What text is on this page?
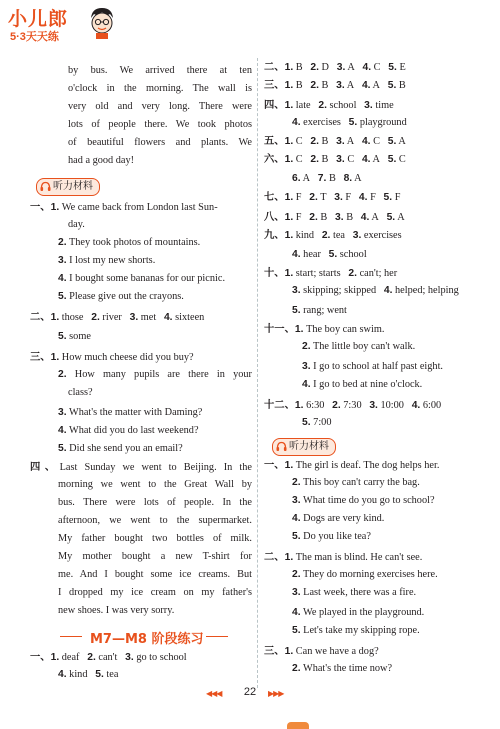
小儿郎
5·3天天练
by bus. We arrived there at ten
o'clock in the morning. The wall is
very old and very long. There were
lots of people there. We took photos
of beautiful flowers and plants. We
had a good day!
听力材料
一、1. We came back from London last Sun-
day.
2. They took photos of mountains.
3. I lost my new shorts.
4. I bought some bananas for our picnic.
5. Please give out the crayons.
二、1. those 2. river 3. met 4. sixteen
5. some
三、1. How much cheese did you buy?
2. How many pupils are there in your
class?
3. What's the matter with Daming?
4. What did you do last weekend?
5. Did she send you an email?
四、Last Sunday we went to Beijing. In the
morning we went to the Great Wall by
bus. There were lots of people. In the
afternoon, we went to the supermarket.
My father bought two bottles of milk.
My mother bought a new T-shirt for
me. And I bought some ice creams. But
I dropped my ice cream on my father's
new shoes. I was very sorry.
M7—M8 阶段练习
一、1. deaf 2. can't 3. go to school
4. kind 5. tea
二、1. B 2. D 3. A 4. C 5. E
三、1. B 2. B 3. A 4. A 5. B
四、1. late 2. school 3. time
4. exercises 5. playground
五、1. C 2. B 3. A 4. C 5. A
六、1. C 2. B 3. C 4. A 5. C
6. A 7. B 8. A
七、1. F 2. T 3. F 4. F 5. F
八、1. F 2. B 3. B 4. A 5. A
九、1. kind 2. tea 3. exercises
4. hear 5. school
十、1. start; starts 2. can't; her
3. skipping; skipped 4. helped; helping
5. rang; went
十一、1. The boy can swim.
2. The little boy can't walk.
3. I go to school at half past eight.
4. I go to bed at nine o'clock.
十二、1. 6:30 2. 7:30 3. 10:00 4. 6:00
5. 7:00
听力材料
一、1. The girl is deaf. The dog helps her.
2. This boy can't carry the bag.
3. What time do you go to school?
4. Dogs are very kind.
5. Do you like tea?
二、1. The man is blind. He can't see.
2. They do morning exercises here.
3. Last week, there was a fire.
4. We played in the playground.
5. Let's take my skipping rope.
三、1. Can we have a dog?
2. What's the time now?
◀◀◀	22	▶▶▶
